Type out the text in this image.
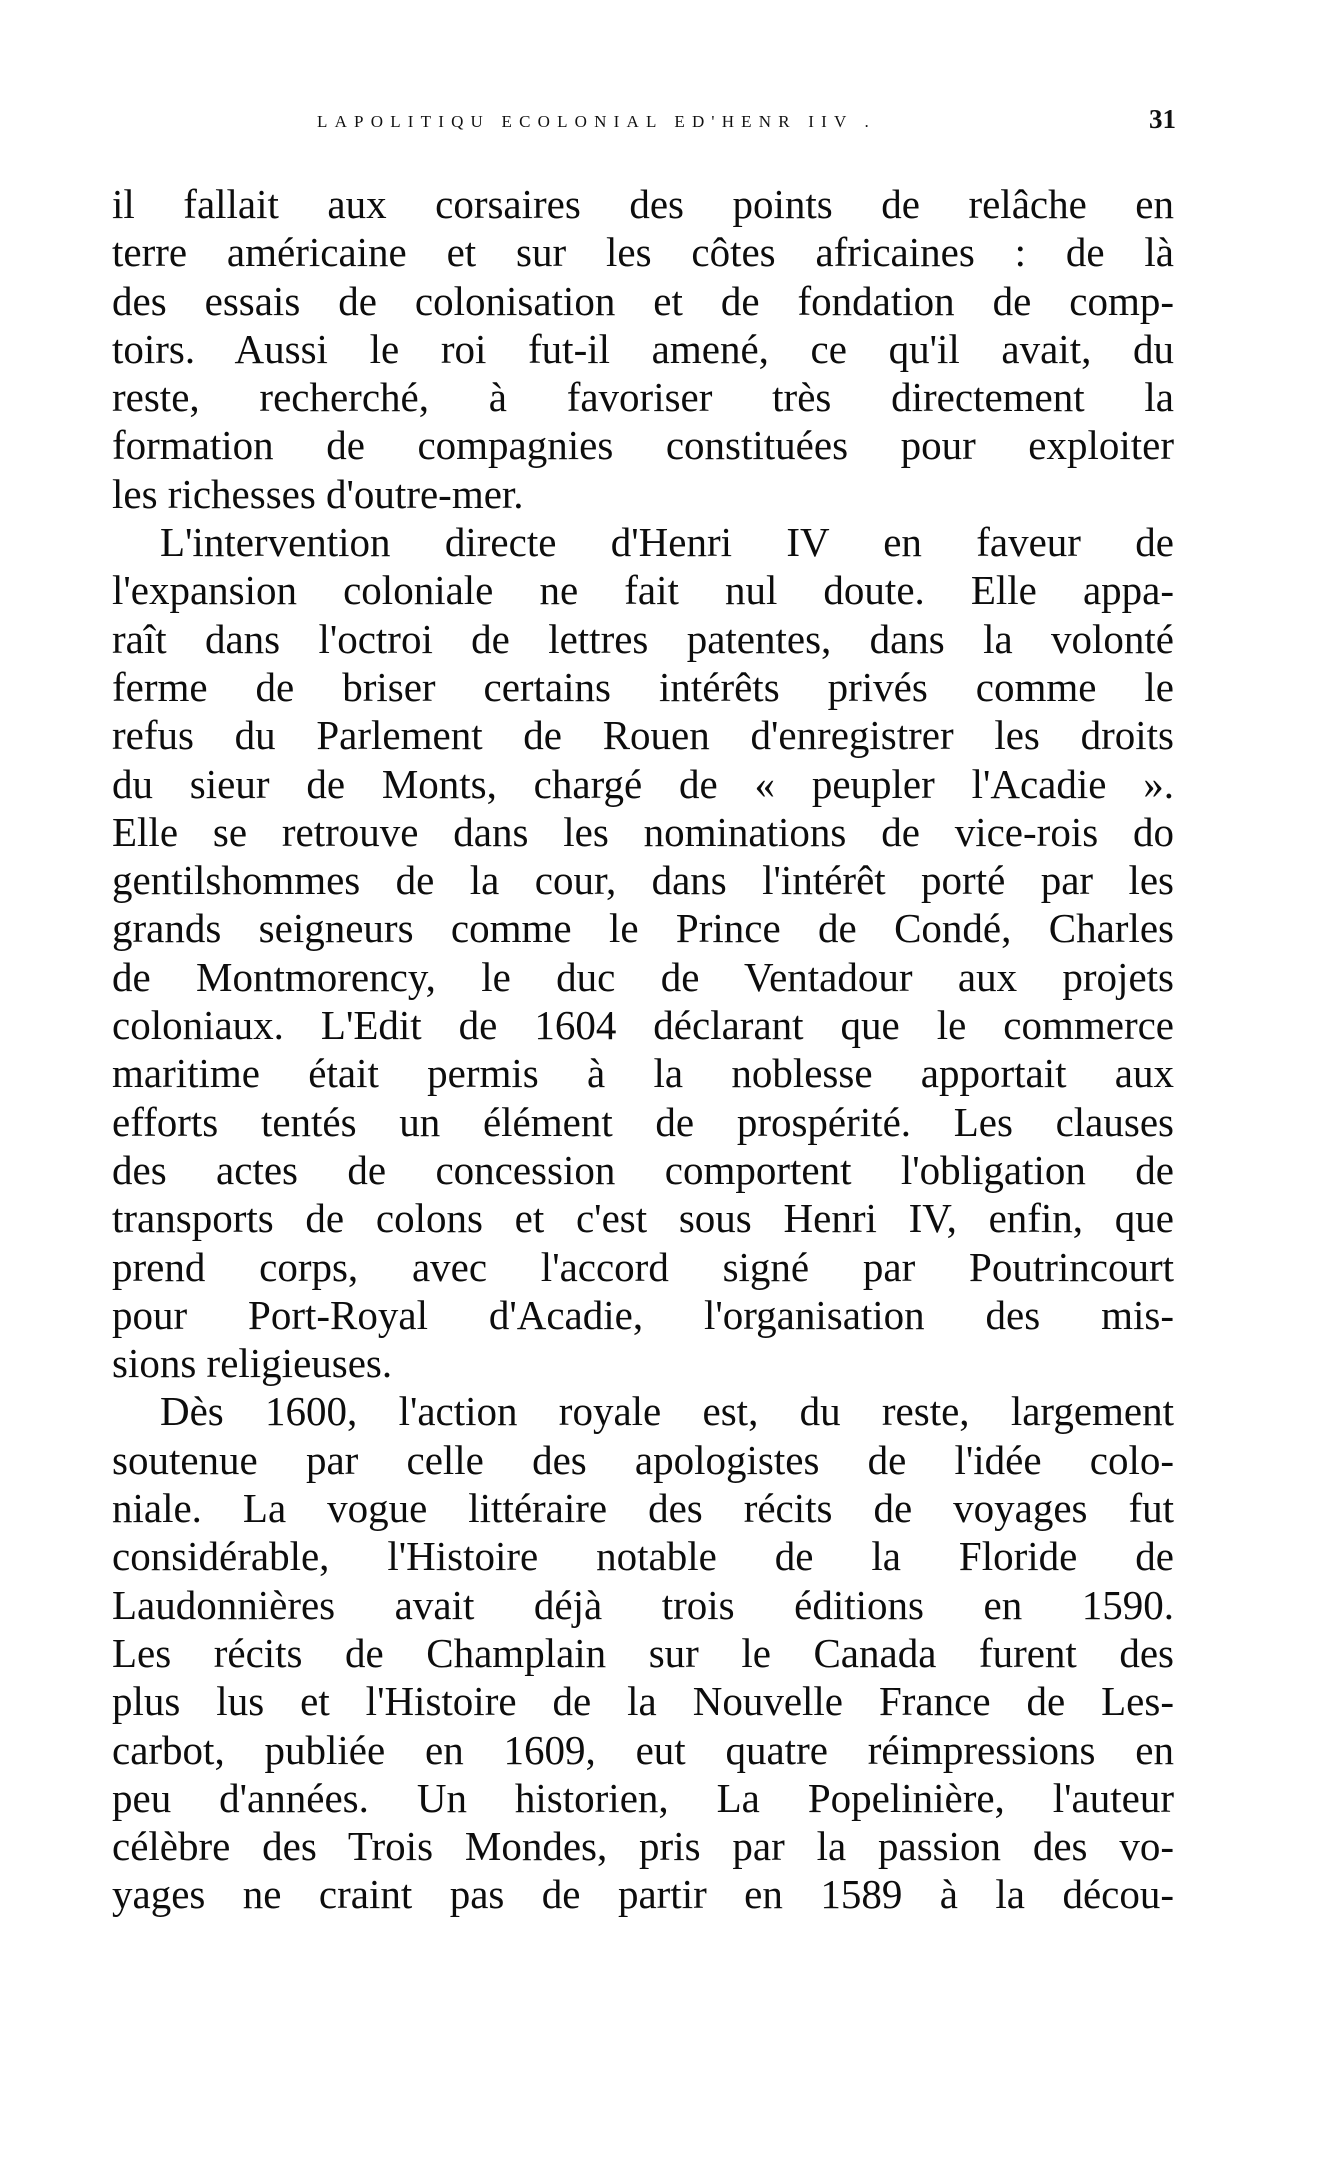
LAPOLITIQU ECOLONIAL ED'HENR IIV .	31
il fallait aux corsaires des points de relâche en
terre américaine et sur les côtes africaines : de là
des essais de colonisation et de fondation de comp-
toirs. Aussi le roi fut-il amené, ce qu'il avait, du
reste, recherché, à favoriser très directement la
formation de compagnies constituées pour exploiter
les richesses d'outre-mer.
L'intervention directe d'Henri IV en faveur de
l'expansion coloniale ne fait nul doute. Elle appa-
raît dans l'octroi de lettres patentes, dans la volonté
ferme de briser certains intérêts privés comme le
refus du Parlement de Rouen d'enregistrer les droits
du sieur de Monts, chargé de « peupler l'Acadie ».
Elle se retrouve dans les nominations de vice-rois do
gentilshommes de la cour, dans l'intérêt porté par les
grands seigneurs comme le Prince de Condé, Charles
de Montmorency, le duc de Ventadour aux projets
coloniaux. L'Edit de 1604 déclarant que le commerce
maritime était permis à la noblesse apportait aux
efforts tentés un élément de prospérité. Les clauses
des actes de concession comportent l'obligation de
transports de colons et c'est sous Henri IV, enfin, que
prend corps, avec l'accord signé par Poutrincourt
pour Port-Royal d'Acadie, l'organisation des mis-
sions religieuses.
Dès 1600, l'action royale est, du reste, largement
soutenue par celle des apologistes de l'idée colo-
niale. La vogue littéraire des récits de voyages fut
considérable, l'Histoire notable de la Floride de
Laudonnières avait déjà trois éditions en 1590.
Les récits de Champlain sur le Canada furent des
plus lus et l'Histoire de la Nouvelle France de Les-
carbot, publiée en 1609, eut quatre réimpressions en
peu d'années. Un historien, La Popelinière, l'auteur
célèbre des Trois Mondes, pris par la passion des vo-
yages ne craint pas de partir en 1589 à la décou-
